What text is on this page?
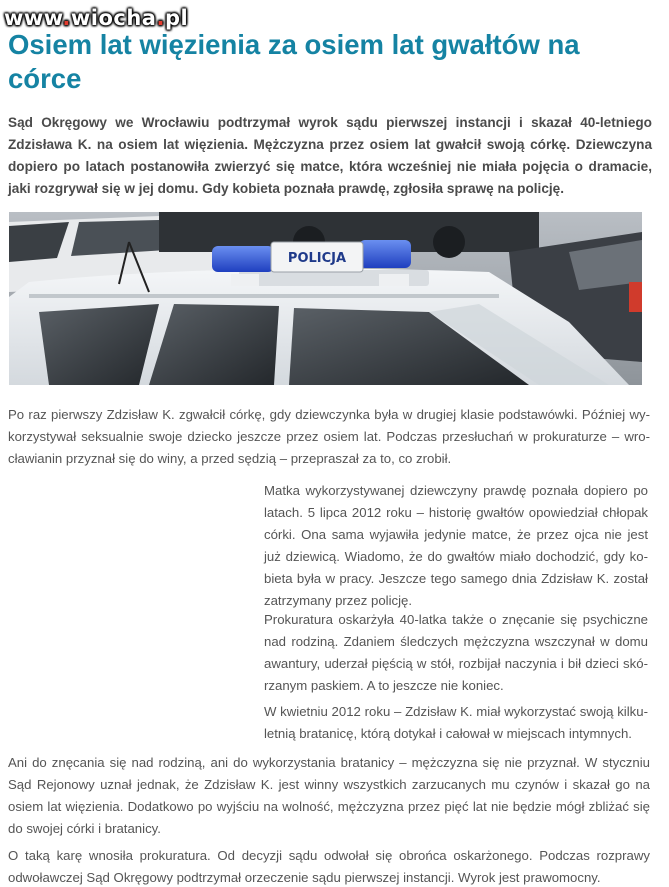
www.wiocha.pl
Osiem lat więzienia za osiem lat gwałtów na córce

Sąd Okręgowy we Wrocławiu podtrzymał wyrok sądu pierwszej instancji i skazał 40-letniego Zdzisława K. na osiem lat więzienia. Mężczyzna przez osiem lat gwałcił swoją córkę. Dziewczyna dopiero po latach postanowiła zwierzyć się matce, która wcześniej nie miała pojęcia o dramacie, jaki rozgrywał się w jej domu. Gdy kobieta poznała prawdę, zgłosiła sprawę na policję.

POLICJA

Po raz pierwszy Zdzisław K. zgwałcił córkę, gdy dziewczynka była w drugiej klasie podstawówki. Później wykorzystywał seksualnie swoje dziecko jeszcze przez osiem lat. Podczas przesłuchań w prokuraturze – wrocławianin przyznał się do winy, a przed sędzią – przepraszał za to, co zrobił.

Matka wykorzystywanej dziewczyny prawdę poznała dopiero po latach. 5 lipca 2012 roku – historię gwałtów opowiedział chłopak córki. Ona sama wyjawiła jedynie matce, że przez ojca nie jest już dziewicą. Wiadomo, że do gwałtów miało dochodzić, gdy kobieta była w pracy. Jeszcze tego samego dnia Zdzisław K. został zatrzymany przez policję.

Prokuratura oskarżyła 40-latka także o znęcanie się psychiczne nad rodziną. Zdaniem śledczych mężczyzna wszczynał w domu awantury, uderzał pięścią w stół, rozbijał naczynia i bił dzieci skórzanym paskiem. A to jeszcze nie koniec.

W kwietniu 2012 roku – Zdzisław K. miał wykorzystać swoją kilkuletnią bratanicę, którą dotykał i całował w miejscach intymnych.

Ani do znęcania się nad rodziną, ani do wykorzystania bratanicy – mężczyzna się nie przyznał. W styczniu Sąd Rejonowy uznał jednak, że Zdzisław K. jest winny wszystkich zarzucanych mu czynów i skazał go na osiem lat więzienia. Dodatkowo po wyjściu na wolność, mężczyzna przez pięć lat nie będzie mógł zbliżać się do swojej córki i bratanicy.

O taką karę wnosiła prokuratura. Od decyzji sądu odwołał się obrońca oskarżonego. Podczas rozprawy odwoławczej Sąd Okręgowy podtrzymał orzeczenie sądu pierwszej instancji. Wyrok jest prawomocny.
